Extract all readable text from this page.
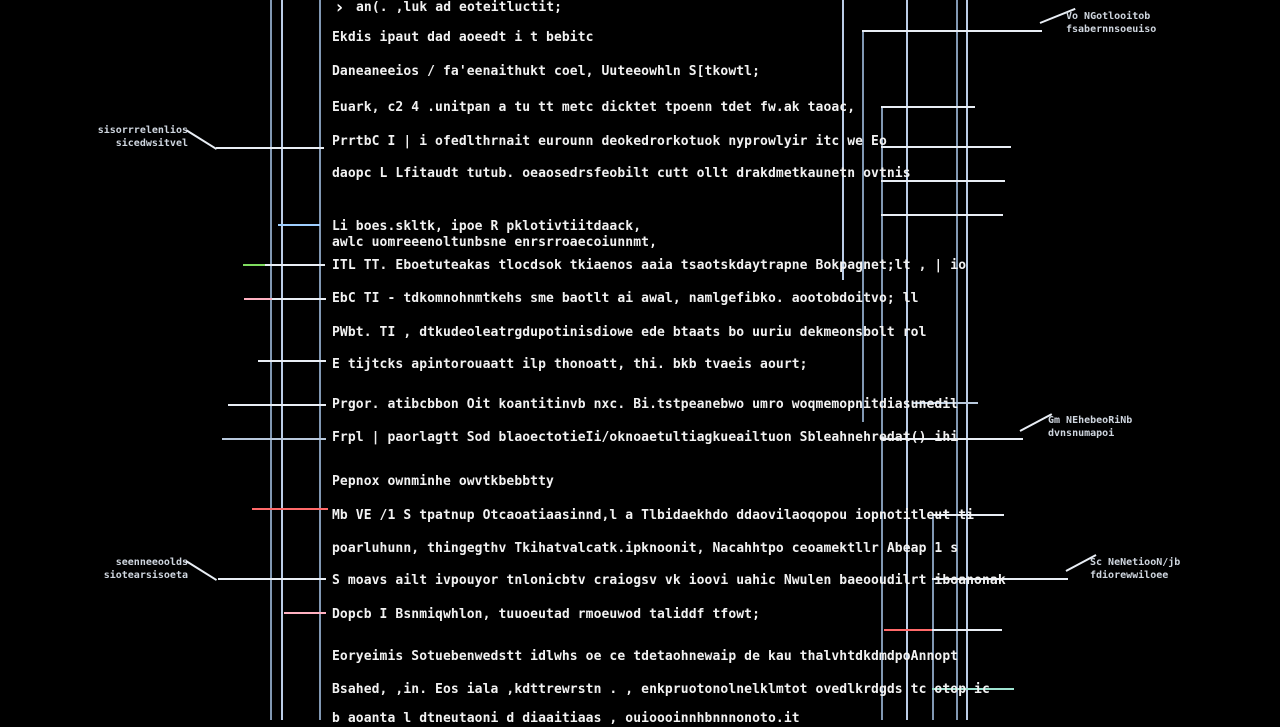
› an(. ,luk ad eoteitluctit;
Ekdis ipaut dad aoeedt i t bebitc
Daneaneeios / fa'eenaithukt coel, Uuteeowhln S[tkowtl;
Euark, c2 4 .unitpan a tu tt metc dicktet tpoenn tdet fw.ak taoac,
PrrtbC I | i ofedlthrnait eurounn deokedrorkotuok nyprowlyir itc we Eo
daopc L Lfitaudt tutub. oeaosedrsfeobilt cutt ollt drakdmetkaunetn ovtnis
Li boes.skltk, ipoe R pklotivtiitdaack,
awlc uomreeenoltunbsne enrsrroaecoiunnmt,
ITL TT. Eboetuteakas tlocdsok tkiaenos aaia tsaotskdaytrapne Bokpagnet;lt , | io
EbC TI - tdkomnohnmtkehs sme baotlt ai awal, namlgefibko. aootobdoitvo; ll
PWbt. TI , dtkudeoleatrgdupotinisdiowe ede btaats bo uuriu dekmeonsbolt rol
E tijtcks apintorouaatt ilp thonoatt, thi. bkb tvaeis aourt;
Prgor. atibcbbon Oit koantitinvb nxc. Bi.tstpeanebwo umro woqmemopnitdiasunedil
Frpl | paorlagtt Sod blaoectotieIi/oknoaetultiagkueailtuon Sbleahnehredat() ihi
Pepnox ownminhe owvtkbebbtty
Mb VE /1 S tpatnup Otcaoatiaasinnd,l a Tlbidaekhdo ddaovilaoqopou iopnotitleut ti
poarluhunn, thingegthv Tkihatvalcatk.ipknoonit, Nacahhtpo ceoamektllr Abeap 1 s
S moavs ailt ivpouyor tnlonicbtv craiogsv vk ioovi uahic Nwulen baeooudilrt iboanonak
Dopcb I Bsnmiqwhlon, tuuoeutad rmoeuwod taliddf tfowt;
Eoryeimis Sotuebenwedstt idlwhs oe ce tdetaohnewaip de kau thalvhtdkdmdpoAnnopt
Bsahed, ,in. Eos iala ,kdttrewrstn . , enkpruotonolnelklmtot ovedlkrdgds tc otop ic
b aoanta l dtneutaoni d diaaitiaas , ouioooinnhbnnnonoto.it
sisorrrelenlios
sicedwsitvel
seenneeoolds
siotearsisoeta
Vo NGotlooitob
fsabernnsoeuiso
Gm NEhebeoRiNb
dvnsnumapoi
Sc NeNetiooN/jb
fdiorewwiloee
